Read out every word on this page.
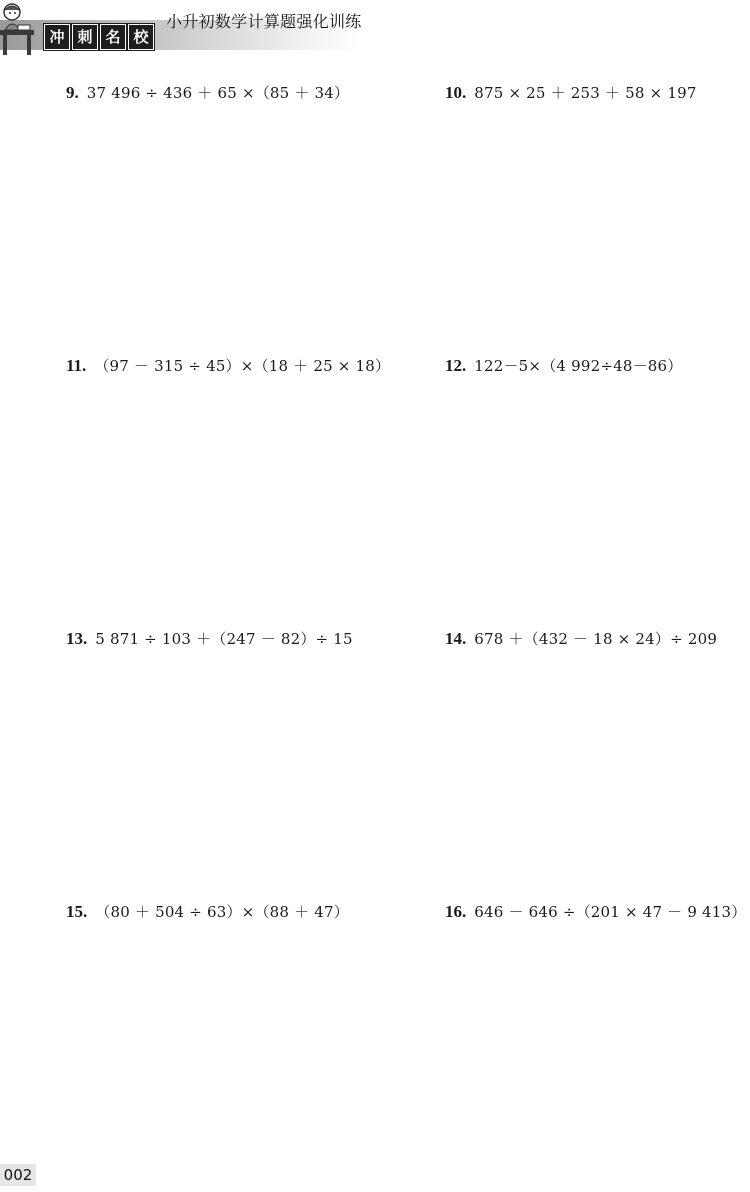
冲 刺 名 校
小升初数学计算题强化训练
9. 37 496 ÷ 436 ＋ 65 ×（85 ＋ 34）	10. 875 × 25 ＋ 253 ＋ 58 × 197
11. （97 － 315 ÷ 45）×（18 ＋ 25 × 18）	12. 122－5×（4 992÷48－86）
13. 5 871 ÷ 103 ＋（247 － 82）÷ 15	14. 678 ＋（432 － 18 × 24）÷ 209
15. （80 ＋ 504 ÷ 63）×（88 ＋ 47）	16. 646 － 646 ÷（201 × 47 － 9 413）
002
